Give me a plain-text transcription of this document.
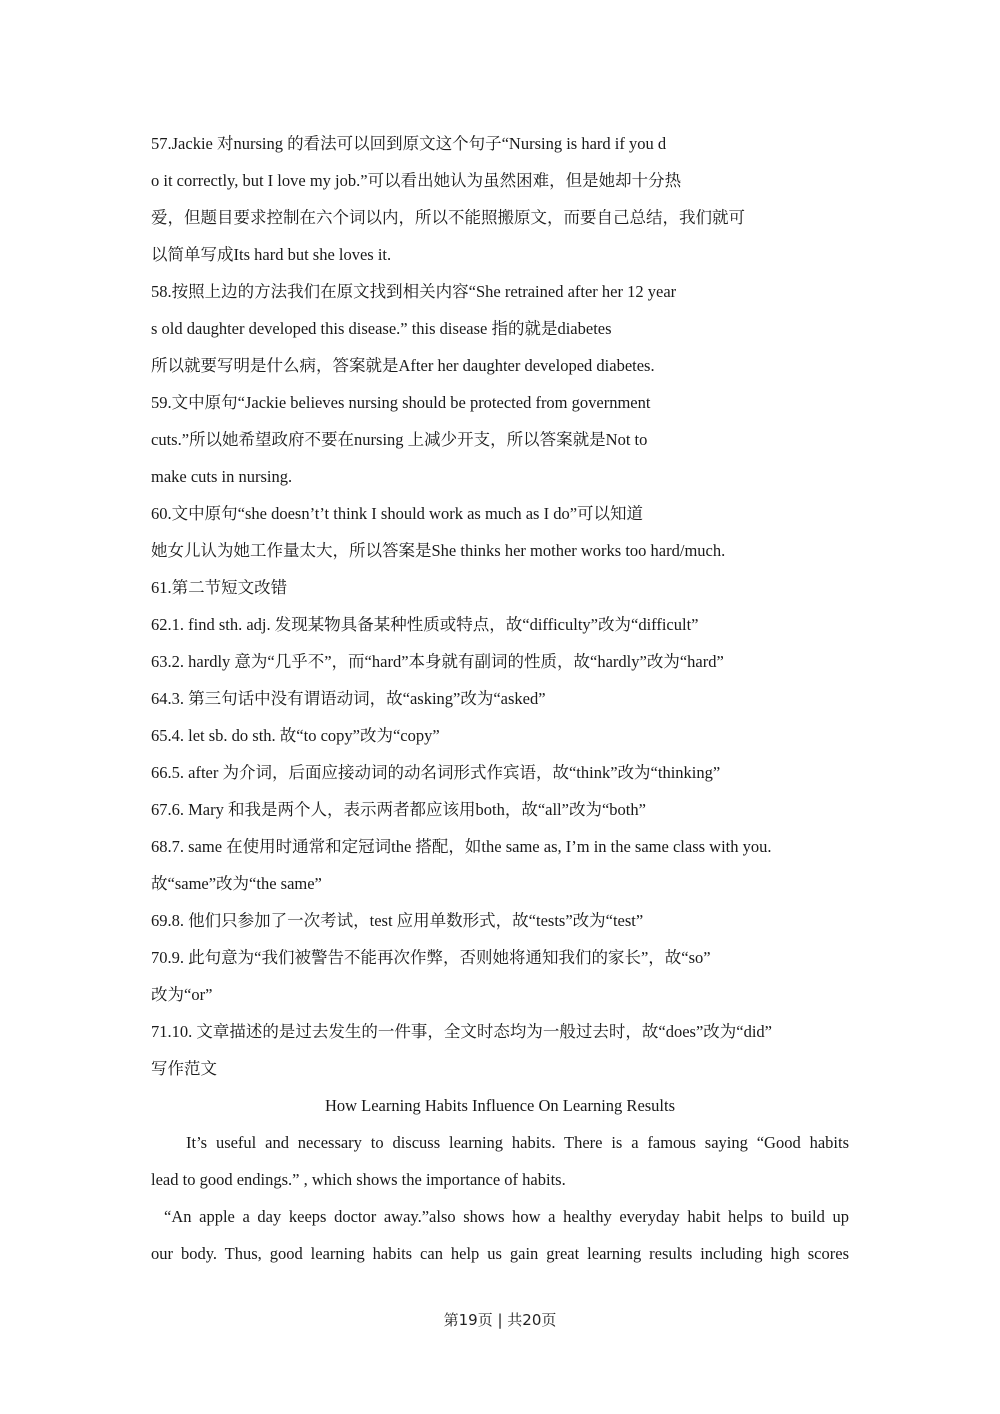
57.Jackie 对nursing 的看法可以回到原文这个句子“Nursing is hard if you d
o it correctly, but I love my job.”可以看出她认为虽然困难，但是她却十分热
爱，但题目要求控制在六个词以内，所以不能照搬原文，而要自己总结，我们就可
以简单写成Its hard but she loves it.
58.按照上边的方法我们在原文找到相关内容“She retrained after her 12 year
s old daughter developed this disease.” this disease 指的就是diabetes
所以就要写明是什么病，答案就是After her daughter developed diabetes.
59.文中原句“Jackie believes nursing should be protected from government
cuts.”所以她希望政府不要在nursing 上减少开支，所以答案就是Not to
make cuts in nursing.
60.文中原句“she doesn’t’t think I should work as much as I do”可以知道
她女儿认为她工作量太大，所以答案是She thinks her mother works too hard/much.
61.第二节短文改错
62.1. find sth. adj. 发现某物具备某种性质或特点，故“difficulty”改为“difficult”
63.2. hardly 意为“几乎不”，而“hard”本身就有副词的性质，故“hardly”改为“hard”
64.3. 第三句话中没有谓语动词，故“asking”改为“asked”
65.4. let sb. do sth. 故“to copy”改为“copy”
66.5. after 为介词，后面应接动词的动名词形式作宾语，故“think”改为“thinking”
67.6. Mary 和我是两个人，表示两者都应该用both，故“all”改为“both”
68.7. same 在使用时通常和定冠词the 搭配，如the same as, I’m in the same class with you.
故“same”改为“the same”
69.8. 他们只参加了一次考试，test 应用单数形式，故“tests”改为“test”
70.9. 此句意为“我们被警告不能再次作弊，否则她将通知我们的家长”，故“so”
改为“or”
71.10. 文章描述的是过去发生的一件事，全文时态均为一般过去时，故“does”改为“did”
写作范文
How Learning Habits Influence On Learning Results
It’s useful and necessary to discuss learning habits. There is a famous saying “Good habits
lead to good endings.” , which shows the importance of habits.
“An apple a day keeps doctor away.”also shows how a healthy everyday habit helps to build up
our body. Thus, good learning habits can help us gain great learning results including high scores
第19页 | 共20页
